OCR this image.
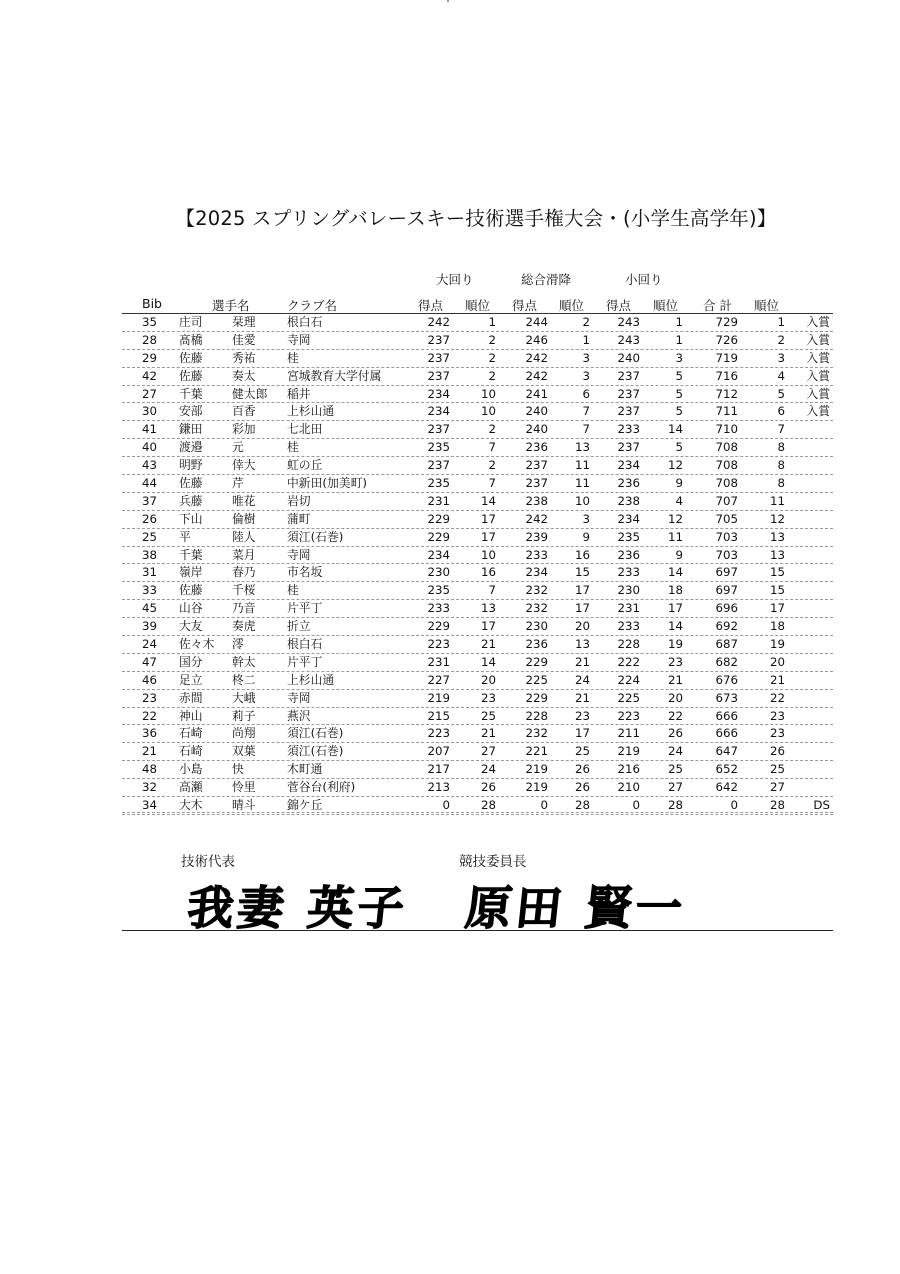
【2025 スプリングバレースキー技術選手権大会・(小学生高学年)】
大回り	総合滑降	小回り
Bib	選手名	クラブ名	得点 順位 得点 順位 得点 順位 合 計 順位
35 庄司 栞理	根白石	242	1	244	2	243	1	729	1	入賞
28 髙橋 佳愛	寺岡	237	2	246	1	243	1	726	2	入賞
29 佐藤 秀祐	桂	237	2	242	3	240	3	719	3	入賞
42 佐藤 奏太	宮城教育大学付属	237	2	242	3	237	5	716	4	入賞
27 千葉 健太郎 稲井	234	10	241	6	237	5	712	5	入賞
30 安部 百香	上杉山通	234	10	240	7	237	5	711	6	入賞
41 鎌田 彩加	七北田	237	2	240	7	233	14	710	7
40 渡邉 元	桂	235	7	236	13	237	5	708	8
43 明野 倖大	虹の丘	237	2	237	11	234	12	708	8
44 佐藤 芹	中新田(加美町)	235	7	237	11	236	9	708	8
37 兵藤 唯花	岩切	231	14	238	10	238	4	707	11
26 下山 倫樹	蒲町	229	17	242	3	234	12	705	12
25 平	陸人	須江(石巻)	229	17	239	9	235	11	703	13
38 千葉 菜月	寺岡	234	10	233	16	236	9	703	13
31 嶺岸 春乃	市名坂	230	16	234	15	233	14	697	15
33 佐藤 千桜	桂	235	7	232	17	230	18	697	15
45 山谷 乃音	片平丁	233	13	232	17	231	17	696	17
39 大友 奏虎	折立	229	17	230	20	233	14	692	18
24 佐々木 澪	根白石	223	21	236	13	228	19	687	19
47 国分 幹太	片平丁	231	14	229	21	222	23	682	20
46 足立 柊二	上杉山通	227	20	225	24	224	21	676	21
23 赤間 大峨	寺岡	219	23	229	21	225	20	673	22
22 神山 莉子	燕沢	215	25	228	23	223	22	666	23
36 石崎 尚翔	須江(石巻)	223	21	232	17	211	26	666	23
21 石崎 双葉	須江(石巻)	207	27	221	25	219	24	647	26
48 小島 快	木町通	217	24	219	26	216	25	652	25
32 高瀬 怜里	菅谷台(利府)	213	26	219	26	210	27	642	27
34 大木 晴斗	錦ケ丘	0	28	0	28	0	28	0	28	DS
技術代表	競技委員長
我妻 英子 原田 賢一
